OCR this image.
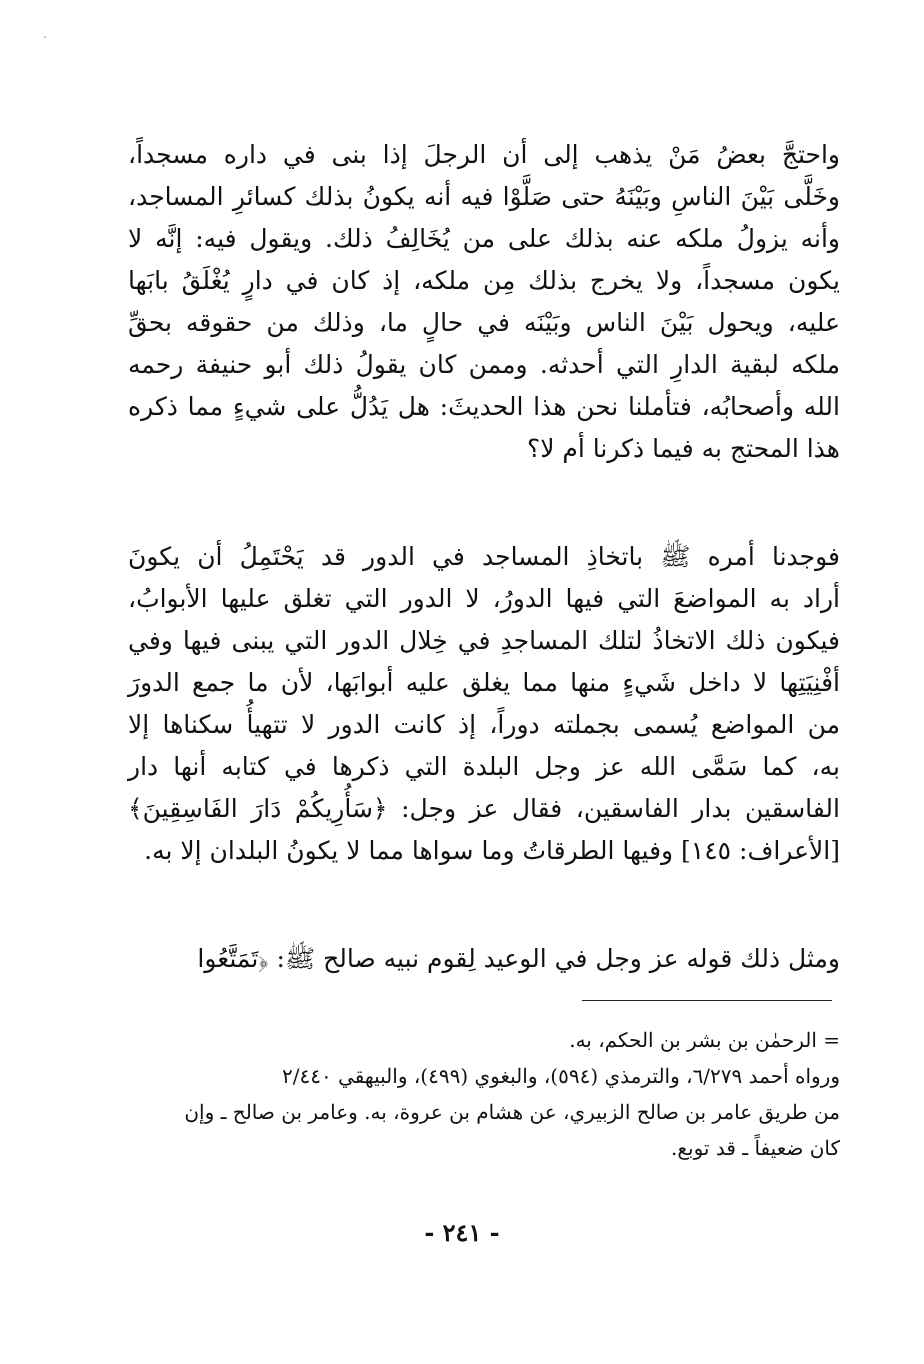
واحتجَّ بعضُ مَنْ يذهب إلى أن الرجلَ إذا بنى في داره مسجداً،
وخَلَّى بَيْنَ الناسِ وبَيْنَهُ حتى صَلَّوْا فيه أنه يكونُ بذلك كسائرِ المساجد،
وأنه يزولُ ملكه عنه بذلك على من يُخَالِفُ ذلك. ويقول فيه: إنَّه لا
يكون مسجداً، ولا يخرج بذلك مِن ملكه، إذ كان في دارٍ يُغْلَقُ بابَها
عليه، ويحول بَيْنَ الناس وبَيْنَه في حالٍ ما، وذلك من حقوقه بحقِّ
ملكه لبقية الدارِ التي أحدثه. وممن كان يقولُ ذلك أبو حنيفة رحمه
الله وأصحابُه، فتأملنا نحن هذا الحديثَ: هل يَدُلُّ على شيءٍ مما ذكره
هذا المحتج به فيما ذكرنا أم لا؟

فوجدنا أمره ﷺ باتخاذِ المساجد في الدور قد يَحْتَمِلُ أن يكونَ
أراد به المواضعَ التي فيها الدورُ، لا الدور التي تغلق عليها الأبوابُ،
فيكون ذلك الاتخاذُ لتلك المساجدِ في خِلال الدور التي يبنى فيها وفي
أفْنِيَتِها لا داخل شَيءٍ منها مما يغلق عليه أبوابَها، لأن ما جمع الدورَ
من المواضع يُسمى بجملته دوراً، إذ كانت الدور لا تتهيأُ سكناها إلا
به، كما سَمَّى الله عز وجل البلدة التي ذكرها في كتابه أنها دار
الفاسقين بدار الفاسقين، فقال عز وجل: ﴿سَأُرِيكُمْ دَارَ الفَاسِقِينَ﴾
[الأعراف: ١٤٥] وفيها الطرقاتُ وما سواها مما لا يكونُ البلدان إلا به.

ومثل ذلك قوله عز وجل في الوعيد لِقوم نبيه صالح ﷺ: ﴿تَمَتَّعُوا

= الرحمٰن بن بشر بن الحكم، به.
ورواه أحمد ٦/٢٧٩، والترمذي (٥٩٤)، والبغوي (٤٩٩)، والبيهقي ٢/٤٤٠
من طريق عامر بن صالح الزبيري، عن هشام بن عروة، به. وعامر بن صالح ـ وإن
كان ضعيفاً ـ قد توبع.

- ٢٤١ -
